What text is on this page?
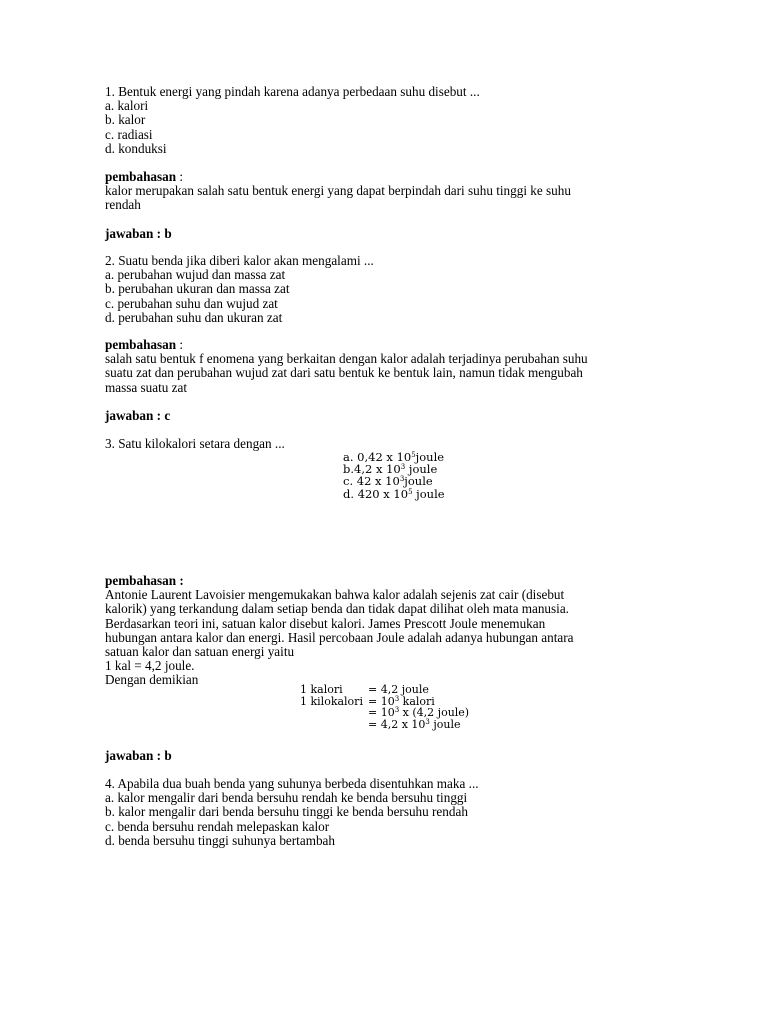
1. Bentuk energi yang pindah karena adanya perbedaan suhu disebut ...
a. kalori
b. kalor
c. radiasi
d. konduksi
pembahasan :
kalor merupakan salah satu bentuk energi yang dapat berpindah dari suhu tinggi ke suhu
rendah
jawaban : b
2. Suatu benda jika diberi kalor akan mengalami ...
a. perubahan wujud dan massa zat
b. perubahan ukuran dan massa zat
c. perubahan suhu dan wujud zat
d. perubahan suhu dan ukuran zat
pembahasan :
salah satu bentuk f enomena yang berkaitan dengan kalor adalah terjadinya perubahan suhu
suatu zat dan perubahan wujud zat dari satu bentuk ke bentuk lain, namun tidak mengubah
massa suatu zat
jawaban : c
3. Satu kilokalori setara dengan ...
a. 0,42 x $10^5joule$
b.4,2 x $10^3$ joule
c. 42 x $10^3joule$
d. 420 x $10^5$ joule
pembahasan :
Antonie Laurent Lavoisier mengemukakan bahwa kalor adalah sejenis zat cair (disebut
kalorik) yang terkandung dalam setiap benda dan tidak dapat dilihat oleh mata manusia.
Berdasarkan teori ini, satuan kalor disebut kalori. James Prescott Joule menemukan
hubungan antara kalor dan energi. Hasil percobaan Joule adalah adanya hubungan antara
satuan kalor dan satuan energi yaitu
1 kal = 4,2 joule.
Dengan demikian
1 kalori	= 4,2 joule
1 kilokalori = $10^3$ kalori
= $10^3$ x (4,2 joule)
= 4,2 x $10^3$ joule
jawaban : b
4. Apabila dua buah benda yang suhunya berbeda disentuhkan maka ...
a. kalor mengalir dari benda bersuhu rendah ke benda bersuhu tinggi
b. kalor mengalir dari benda bersuhu tinggi ke benda bersuhu rendah
c. benda bersuhu rendah melepaskan kalor
d. benda bersuhu tinggi suhunya bertambah
